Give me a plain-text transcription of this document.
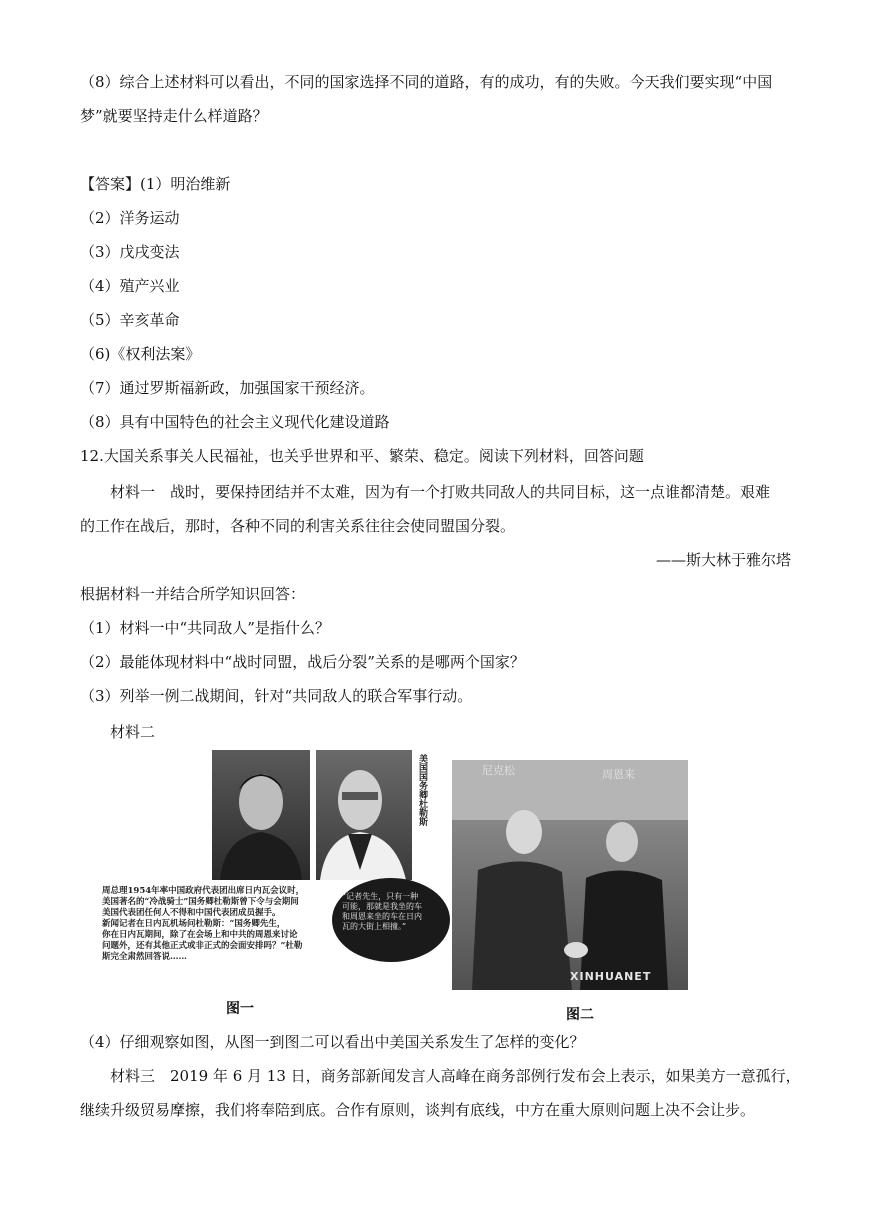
（8）综合上述材料可以看出，不同的国家选择不同的道路，有的成功，有的失败。今天我们要实现“中国
梦”就要坚持走什么样道路？
【答案】(1）明治维新
（2）洋务运动
（3）戊戌变法
（4）殖产兴业
（5）辛亥革命
（6)《权利法案》
（7）通过罗斯福新政，加强国家干预经济。
（8）具有中国特色的社会主义现代化建设道路
12.大国关系事关人民福祉，也关乎世界和平、繁荣、稳定。阅读下列材料，回答问题
材料一　战时，要保持团结并不太难，因为有一个打败共同敌人的共同目标，这一点谁都清楚。艰难
的工作在战后，那时，各种不同的利害关系往往会使同盟国分裂。
——斯大林于雅尔塔
根据材料一并结合所学知识回答：
（1）材料一中“共同敌人”是指什么？
（2）最能体现材料中“战时同盟，战后分裂”关系的是哪两个国家？
（3）列举一例二战期间，针对“共同敌人的联合军事行动。
材料二
美国国务卿杜勒斯
周总理1954年率中国政府代表团出席日内瓦会议时，
美国著名的“冷战骑士”国务卿杜勒斯曾下令与会期间
美国代表团任何人不得和中国代表团成员握手。
新闻记者在日内瓦机场问杜勒斯：“国务卿先生，
你在日内瓦期间，除了在会场上和中共的周恩来讨论
问题外，还有其他正式或非正式的会面安排吗？”杜勒
斯完全肃然回答说……
“记者先生，只有一种
可能，那就是我坐的车
和周恩来坐的车在日内
瓦的大街上相撞。”
尼克松	周恩来
XINHUANET
图一	图二
（4）仔细观察如图，从图一到图二可以看出中美国关系发生了怎样的变化？
材料三　2019 年 6 月 13 日，商务部新闻发言人高峰在商务部例行发布会上表示，如果美方一意孤行，
继续升级贸易摩擦，我们将奉陪到底。合作有原则，谈判有底线，中方在重大原则问题上决不会让步。
